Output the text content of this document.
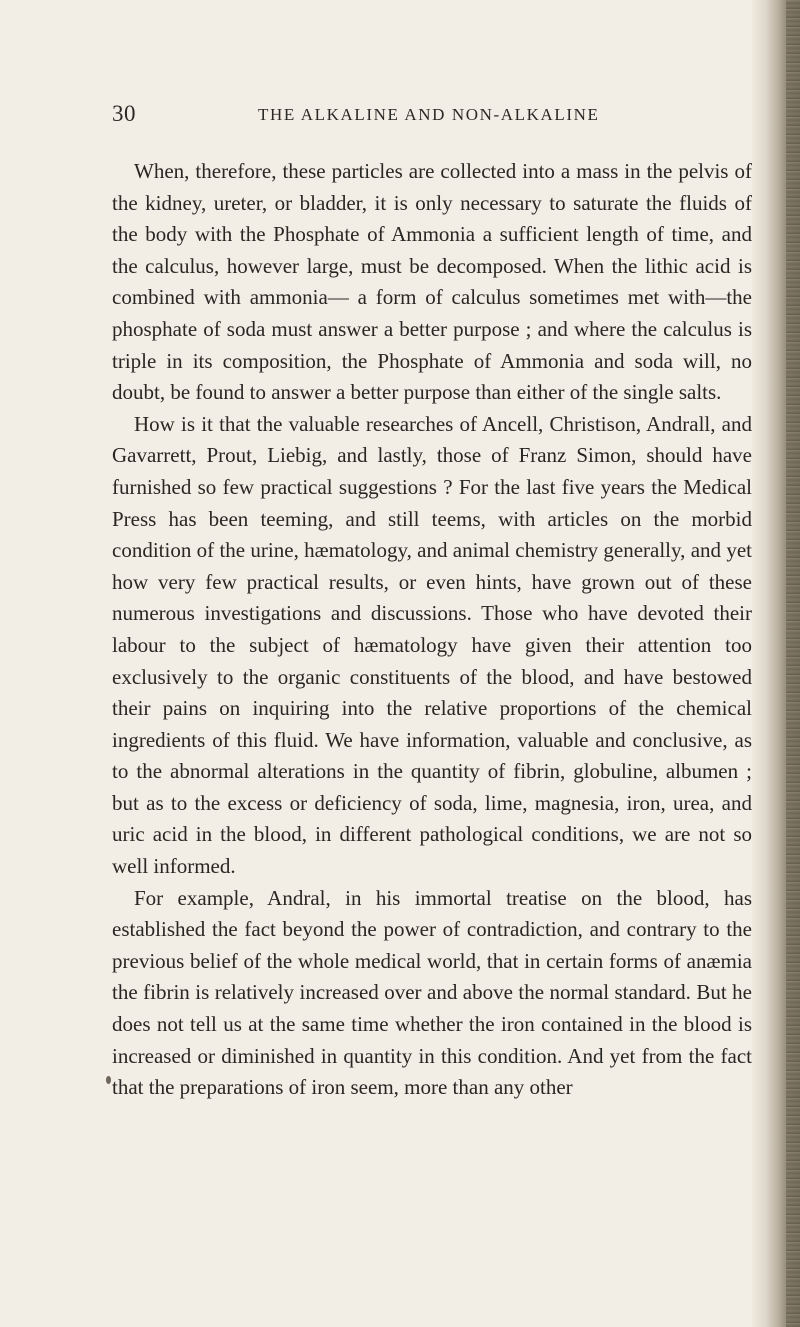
30	THE ALKALINE AND NON-ALKALINE

When, therefore, these particles are collected into a mass in the pelvis of the kidney, ureter, or bladder, it is only necessary to saturate the fluids of the body with the Phosphate of Ammonia a sufficient length of time, and the calculus, however large, must be decomposed. When the lithic acid is combined with ammonia— a form of calculus sometimes met with—the phosphate of soda must answer a better purpose ; and where the calculus is triple in its composition, the Phosphate of Ammonia and soda will, no doubt, be found to answer a better purpose than either of the single salts.

How is it that the valuable researches of Ancell, Christison, Andrall, and Gavarrett, Prout, Liebig, and lastly, those of Franz Simon, should have furnished so few practical suggestions ? For the last five years the Medical Press has been teeming, and still teems, with articles on the morbid condition of the urine, hæmatology, and animal chemistry generally, and yet how very few practical results, or even hints, have grown out of these numerous investigations and discussions. Those who have devoted their labour to the subject of hæmatology have given their attention too exclusively to the organic constituents of the blood, and have bestowed their pains on inquiring into the relative proportions of the chemical ingredients of this fluid. We have information, valuable and conclusive, as to the abnormal alterations in the quantity of fibrin, globuline, albumen ; but as to the excess or deficiency of soda, lime, magnesia, iron, urea, and uric acid in the blood, in different pathological conditions, we are not so well informed.

For example, Andral, in his immortal treatise on the blood, has established the fact beyond the power of contradiction, and contrary to the previous belief of the whole medical world, that in certain forms of anæmia the fibrin is relatively increased over and above the normal standard. But he does not tell us at the same time whether the iron contained in the blood is increased or diminished in quantity in this condition. And yet from the fact that the preparations of iron seem, more than any other
